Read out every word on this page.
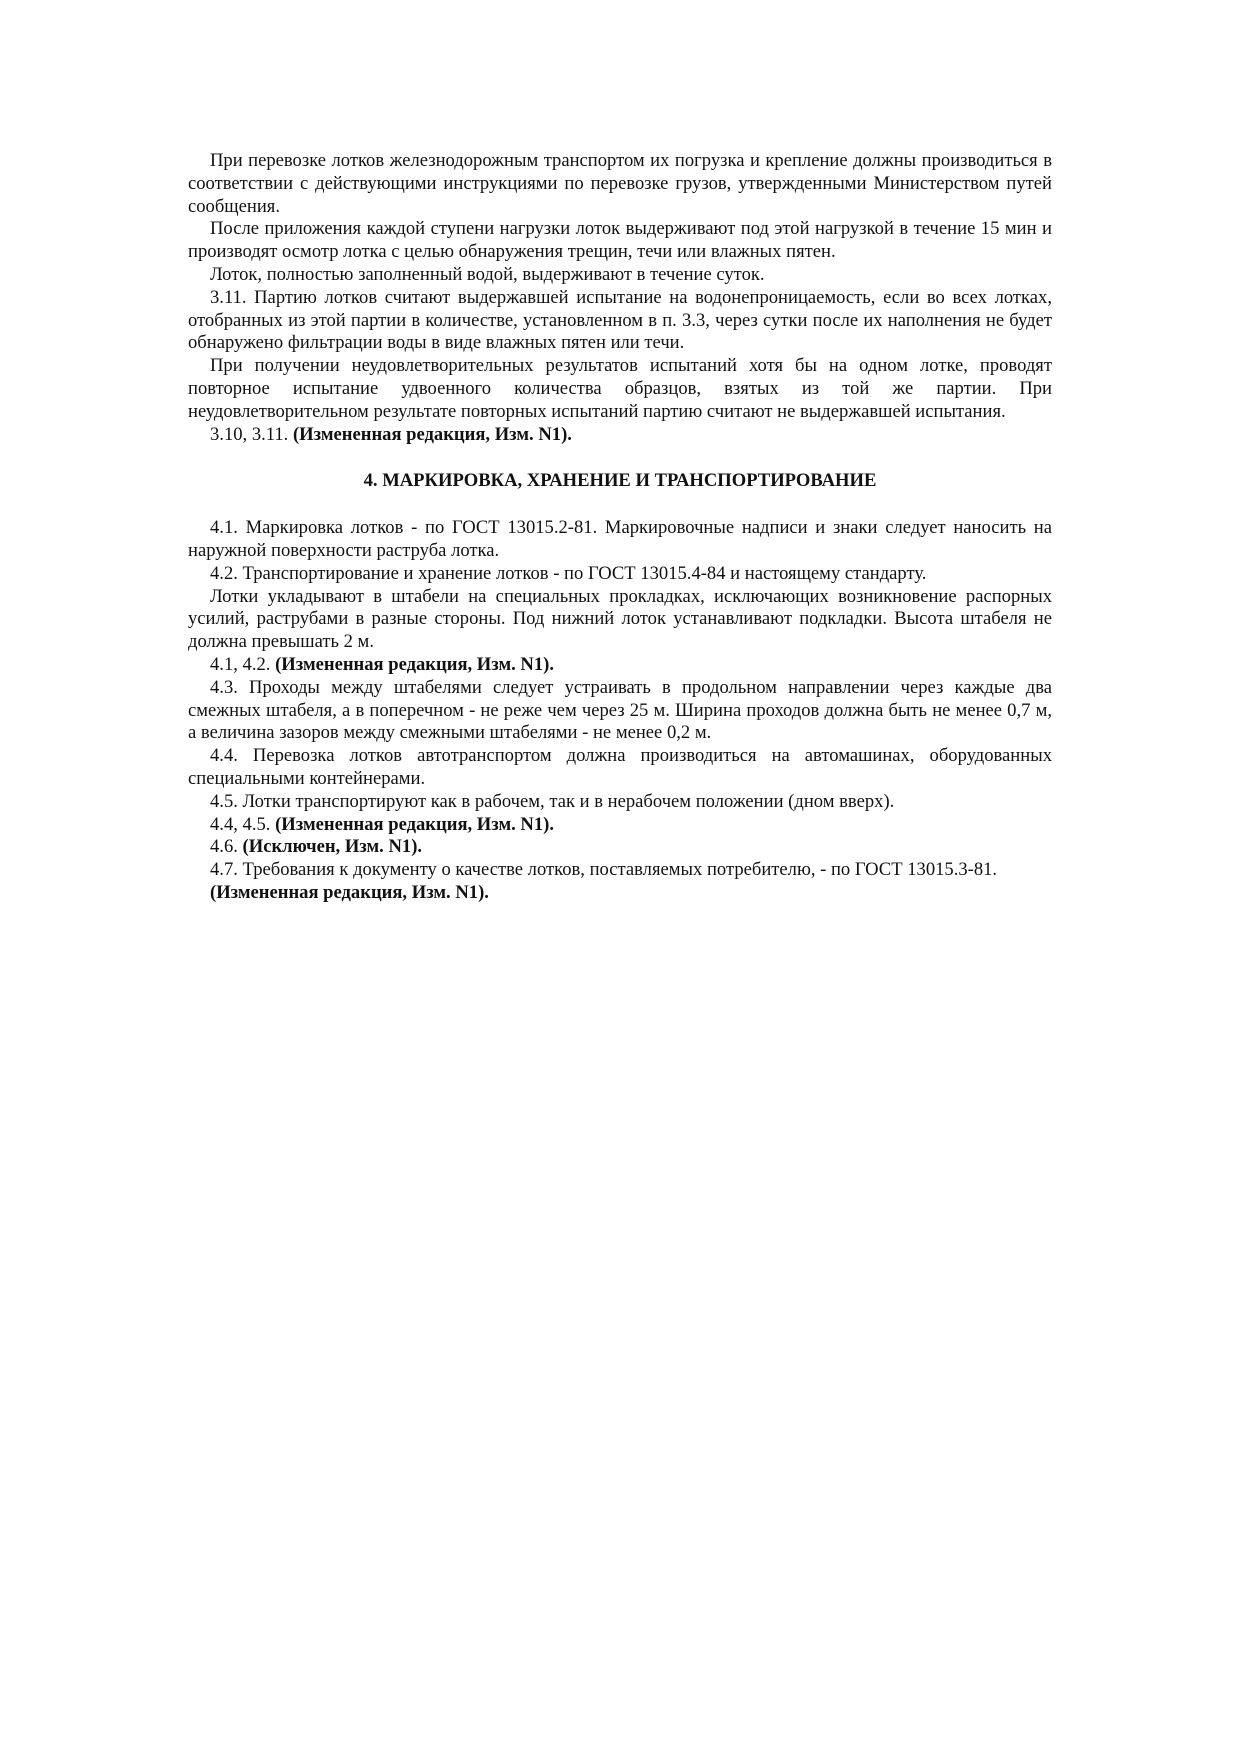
При перевозке лотков железнодорожным транспортом их погрузка и крепление должны производиться в соответствии с действующими инструкциями по перевозке грузов, утвержденными Министерством путей сообщения.

После приложения каждой ступени нагрузки лоток выдерживают под этой нагрузкой в течение 15 мин и производят осмотр лотка с целью обнаружения трещин, течи или влажных пятен.

Лоток, полностью заполненный водой, выдерживают в течение суток.

3.11. Партию лотков считают выдержавшей испытание на водонепроницаемость, если во всех лотках, отобранных из этой партии в количестве, установленном в п. 3.3, через сутки после их наполнения не будет обнаружено фильтрации воды в виде влажных пятен или течи.

При получении неудовлетворительных результатов испытаний хотя бы на одном лотке, проводят повторное испытание удвоенного количества образцов, взятых из той же партии. При неудовлетворительном результате повторных испытаний партию считают не выдержавшей испытания.

3.10, 3.11. (Измененная редакция, Изм. N1).

4. МАРКИРОВКА, ХРАНЕНИЕ И ТРАНСПОРТИРОВАНИЕ

4.1. Маркировка лотков - по ГОСТ 13015.2-81. Маркировочные надписи и знаки следует наносить на наружной поверхности раструба лотка.

4.2. Транспортирование и хранение лотков - по ГОСТ 13015.4-84 и настоящему стандарту.

Лотки укладывают в штабели на специальных прокладках, исключающих возникновение распорных усилий, раструбами в разные стороны. Под нижний лоток устанавливают подкладки. Высота штабеля не должна превышать 2 м.

4.1, 4.2. (Измененная редакция, Изм. N1).

4.3. Проходы между штабелями следует устраивать в продольном направлении через каждые два смежных штабеля, а в поперечном - не реже чем через 25 м. Ширина проходов должна быть не менее 0,7 м, а величина зазоров между смежными штабелями - не менее 0,2 м.

4.4. Перевозка лотков автотранспортом должна производиться на автомашинах, оборудованных специальными контейнерами.

4.5. Лотки транспортируют как в рабочем, так и в нерабочем положении (дном вверх).

4.4, 4.5. (Измененная редакция, Изм. N1).

4.6. (Исключен, Изм. N1).

4.7. Требования к документу о качестве лотков, поставляемых потребителю, - по ГОСТ 13015.3-81.

(Измененная редакция, Изм. N1).
